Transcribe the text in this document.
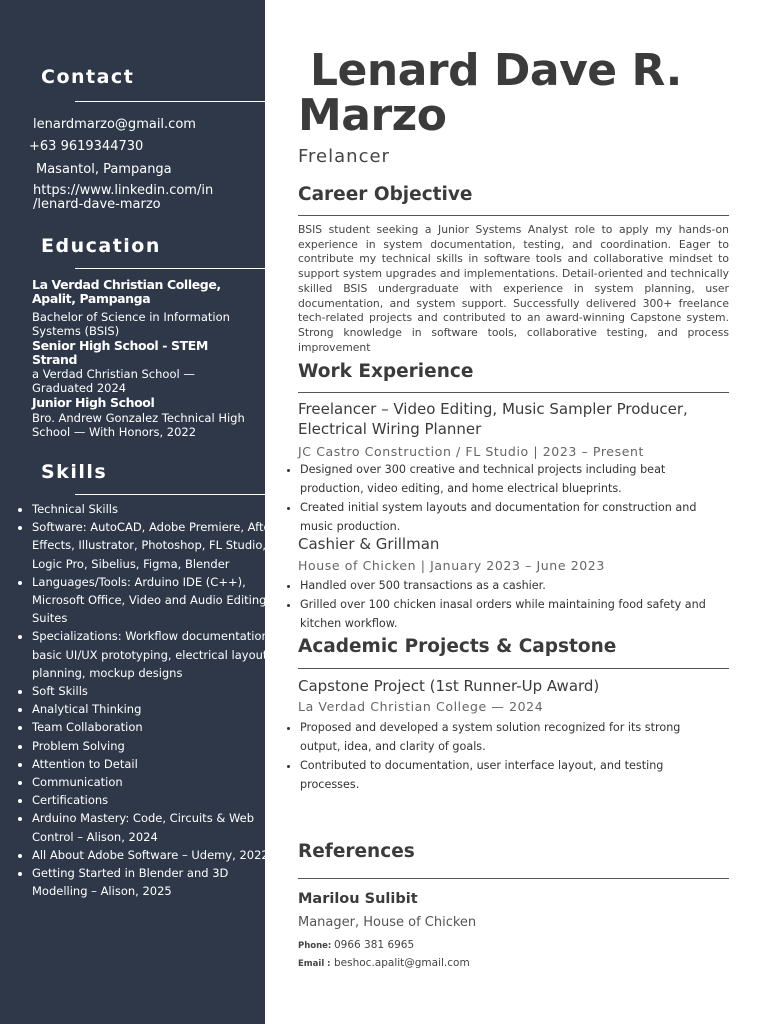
Contact
lenardmarzo@gmail.com
+63 9619344730
Masantol, Pampanga
https://www.linkedin.com/in
/lenard-dave-marzo
Education
La Verdad Christian College,
Apalit, Pampanga
Bachelor of Science in Information Systems (BSIS)
Senior High School - STEM
Strand
a Verdad Christian School — Graduated 2024
Junior High School
Bro. Andrew Gonzalez Technical High School — With Honors, 2022
Skills
• Technical Skills
• Software: AutoCAD, Adobe Premiere, After Effects, Illustrator, Photoshop, FL Studio, Logic Pro, Sibelius, Figma, Blender
• Languages/Tools: Arduino IDE (C++), Microsoft Office, Video and Audio Editing Suites
• Specializations: Workflow documentation, basic UI/UX prototyping, electrical layout planning, mockup designs
• Soft Skills
• Analytical Thinking
• Team Collaboration
• Problem Solving
• Attention to Detail
• Communication
• Certifications
• Arduino Mastery: Code, Circuits & Web Control – Alison, 2024
• All About Adobe Software – Udemy, 2022
• Getting Started in Blender and 3D Modelling – Alison, 2025
Lenard Dave R.
Marzo
Frelancer
Career Objective

BSIS student seeking a Junior Systems Analyst role to apply my hands-on experience in system documentation, testing, and coordination. Eager to contribute my technical skills in software tools and collaborative mindset to support system upgrades and implementations. Detail-oriented and technically skilled BSIS undergraduate with experience in system planning, user documentation, and system support. Successfully delivered 300+ freelance tech-related projects and contributed to an award-winning Capstone system. Strong knowledge in software tools, collaborative testing, and process improvement

Work Experience
Freelancer – Video Editing, Music Sampler Producer, Electrical Wiring Planner
JC Castro Construction / FL Studio | 2023 – Present
• Designed over 300 creative and technical projects including beat production, video editing, and home electrical blueprints.
• Created initial system layouts and documentation for construction and music production.
Cashier & Grillman
House of Chicken | January 2023 – June 2023
• Handled over 500 transactions as a cashier.
• Grilled over 100 chicken inasal orders while maintaining food safety and kitchen workflow.
Academic Projects & Capstone
Capstone Project (1st Runner-Up Award)
La Verdad Christian College — 2024
• Proposed and developed a system solution recognized for its strong output, idea, and clarity of goals.
• Contributed to documentation, user interface layout, and testing processes.
References
Marilou Sulibit
Manager, House of Chicken
Phone: 0966 381 6965
Email : beshoc.apalit@gmail.com
